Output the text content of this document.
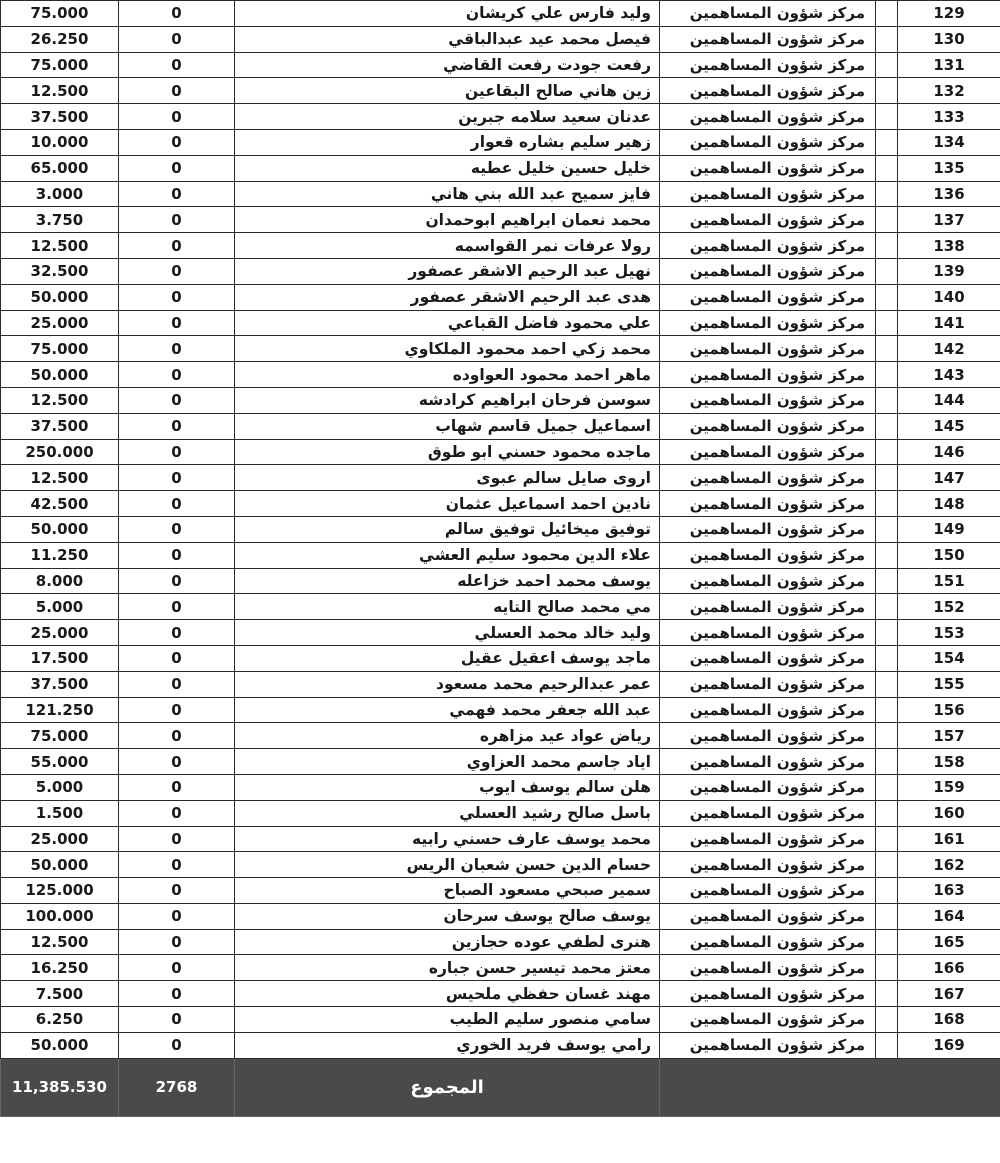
75.000	0	وليد فارس علي كريشان	مركز شؤون المساهمين		129
26.250	0	فيصل محمد عيد عبدالباقي	مركز شؤون المساهمين		130
75.000	0	رفعت جودت رفعت القاضي	مركز شؤون المساهمين		131
12.500	0	زين هاني صالح البقاعين	مركز شؤون المساهمين		132
37.500	0	عدنان سعيد سلامه جبرين	مركز شؤون المساهمين		133
10.000	0	زهير سليم بشاره قعوار	مركز شؤون المساهمين		134
65.000	0	خليل حسين خليل عطيه	مركز شؤون المساهمين		135
3.000	0	فايز سميح عبد الله بني هاني	مركز شؤون المساهمين		136
3.750	0	محمد نعمان ابراهيم ابوحمدان	مركز شؤون المساهمين		137
12.500	0	رولا عرفات نمر القواسمه	مركز شؤون المساهمين		138
32.500	0	نهيل عبد الرحيم الاشقر عصفور	مركز شؤون المساهمين		139
50.000	0	هدى عبد الرحيم الاشقر عصفور	مركز شؤون المساهمين		140
25.000	0	علي محمود فاضل القباعي	مركز شؤون المساهمين		141
75.000	0	محمد زكي احمد محمود الملكاوي	مركز شؤون المساهمين		142
50.000	0	ماهر احمد محمود العواوده	مركز شؤون المساهمين		143
12.500	0	سوسن فرحان ابراهيم كرادشه	مركز شؤون المساهمين		144
37.500	0	اسماعيل جميل قاسم شهاب	مركز شؤون المساهمين		145
250.000	0	ماجده محمود حسني ابو طوق	مركز شؤون المساهمين		146
12.500	0	اروى صايل سالم عبوى	مركز شؤون المساهمين		147
42.500	0	نادين احمد اسماعيل عثمان	مركز شؤون المساهمين		148
50.000	0	توفيق ميخائيل توفيق سالم	مركز شؤون المساهمين		149
11.250	0	علاء الدين محمود سليم العشي	مركز شؤون المساهمين		150
8.000	0	يوسف محمد احمد خزاعله	مركز شؤون المساهمين		151
5.000	0	مي محمد صالح التايه	مركز شؤون المساهمين		152
25.000	0	وليد خالد محمد العسلي	مركز شؤون المساهمين		153
17.500	0	ماجد يوسف اعقيل عقيل	مركز شؤون المساهمين		154
37.500	0	عمر عبدالرحيم محمد مسعود	مركز شؤون المساهمين		155
121.250	0	عبد الله جعفر محمد فهمي	مركز شؤون المساهمين		156
75.000	0	رياض عواد عيد مزاهره	مركز شؤون المساهمين		157
55.000	0	اياد جاسم محمد العزاوي	مركز شؤون المساهمين		158
5.000	0	هلن سالم يوسف ايوب	مركز شؤون المساهمين		159
1.500	0	باسل صالح رشيد العسلي	مركز شؤون المساهمين		160
25.000	0	محمد يوسف عارف حسني رابيه	مركز شؤون المساهمين		161
50.000	0	حسام الدين حسن شعبان الريس	مركز شؤون المساهمين		162
125.000	0	سمير صبحي مسعود الصباح	مركز شؤون المساهمين		163
100.000	0	يوسف صالح يوسف سرحان	مركز شؤون المساهمين		164
12.500	0	هنرى لطفي عوده حجازين	مركز شؤون المساهمين		165
16.250	0	معتز محمد تيسير حسن جباره	مركز شؤون المساهمين		166
7.500	0	مهند غسان حفظي ملحيس	مركز شؤون المساهمين		167
6.250	0	سامي منصور سليم الطيب	مركز شؤون المساهمين		168
50.000	0	رامي يوسف فريد الخوري	مركز شؤون المساهمين		169
11,385.530	2768	المجموع			
